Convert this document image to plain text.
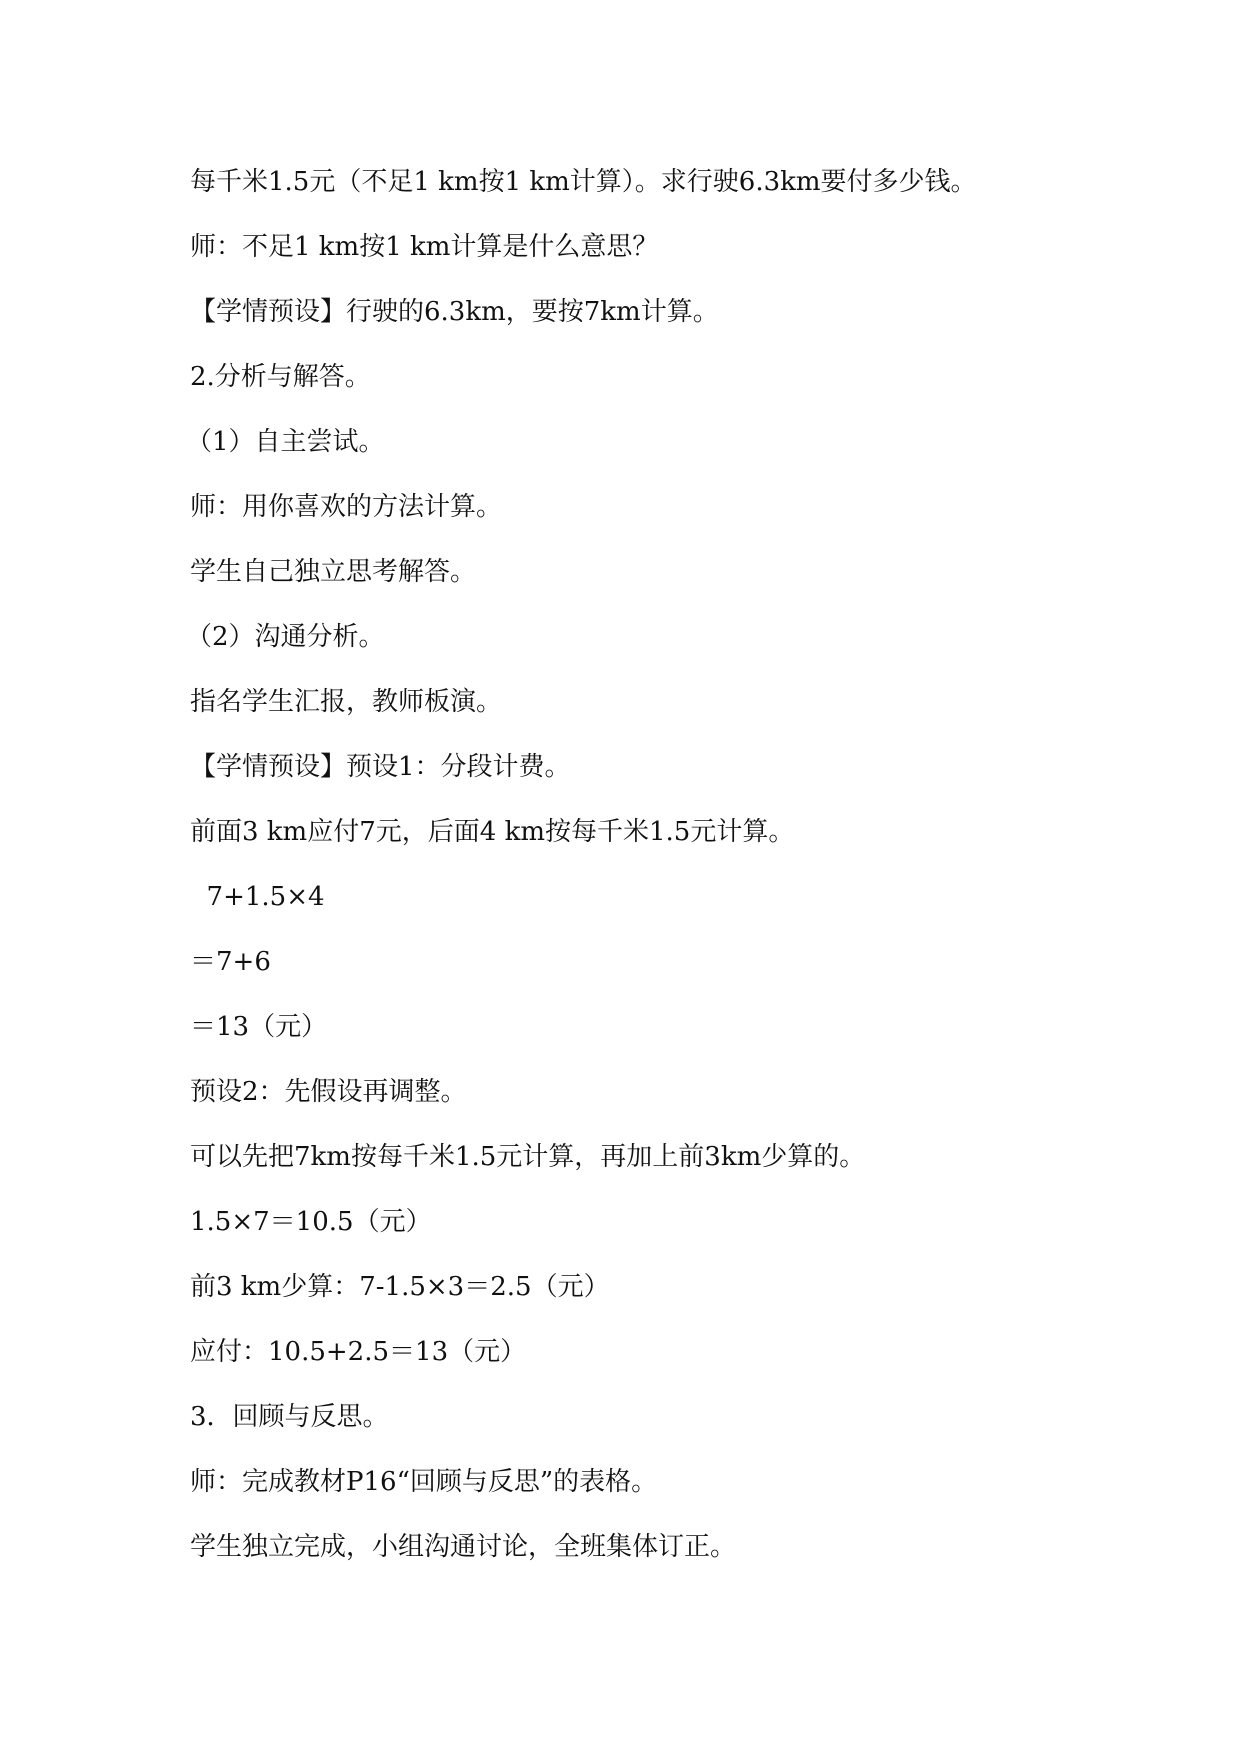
每千米1.5元（不足1 km按1 km计算）。求行驶6.3km要付多少钱。
师：不足1 km按1 km计算是什么意思？
【学情预设】行驶的6.3km，要按7km计算。
2.分析与解答。
（1）自主尝试。
师：用你喜欢的方法计算。
学生自己独立思考解答。
（2）沟通分析。
指名学生汇报，教师板演。
【学情预设】预设1：分段计费。
前面3 km应付7元，后面4 km按每千米1.5元计算。
7+1.5×4
＝7+6
＝13（元）
预设2：先假设再调整。
可以先把7km按每千米1.5元计算，再加上前3km少算的。
1.5×7＝10.5（元）
前3 km少算：7-1.5×3＝2.5（元）
应付：10.5+2.5＝13（元）
3．回顾与反思。
师：完成教材P16“回顾与反思”的表格。
学生独立完成，小组沟通讨论，全班集体订正。
